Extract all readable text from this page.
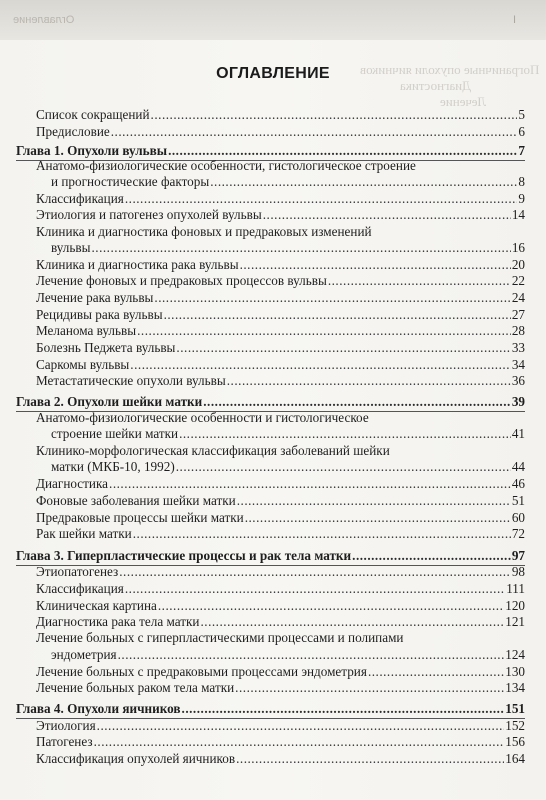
Оглавление	I
Пограничные опухоли яичников
Диагностика
Лечение
ОГЛАВЛЕНИЕ
Список сокращений .....	5
Предисловие .....	6
Глава 1. Опухоли вульвы .....	7
Анатомо-физиологические особенности, гистологическое строение
и прогностические факторы .....	8
Классификация .....	9
Этиология и патогенез опухолей вульвы .....	14
Клиника и диагностика фоновых и предраковых изменений
вульвы .....	16
Клиника и диагностика рака вульвы .....	20
Лечение фоновых и предраковых процессов вульвы .....	22
Лечение рака вульвы .....	24
Рецидивы рака вульвы .....	27
Меланома вульвы .....	28
Болезнь Педжета вульвы .....	33
Саркомы вульвы .....	34
Метастатические опухоли вульвы .....	36
Глава 2. Опухоли шейки матки .....	39
Анатомо-физиологические особенности и гистологическое
строение шейки матки .....	41
Клинико-морфологическая классификация заболеваний шейки
матки (МКБ-10, 1992) .....	44
Диагностика .....	46
Фоновые заболевания шейки матки .....	51
Предраковые процессы шейки матки .....	60
Рак шейки матки .....	72
Глава 3. Гиперпластические процессы и рак тела матки .....	97
Этиопатогенез .....	98
Классификация .....	111
Клиническая картина .....	120
Диагностика рака тела матки .....	121
Лечение больных с гиперпластическими процессами и полипами
эндометрия .....	124
Лечение больных с предраковыми процессами эндометрия .....	130
Лечение больных раком тела матки .....	134
Глава 4. Опухоли яичников .....	151
Этиология .....	152
Патогенез .....	156
Классификация опухолей яичников .....	164
